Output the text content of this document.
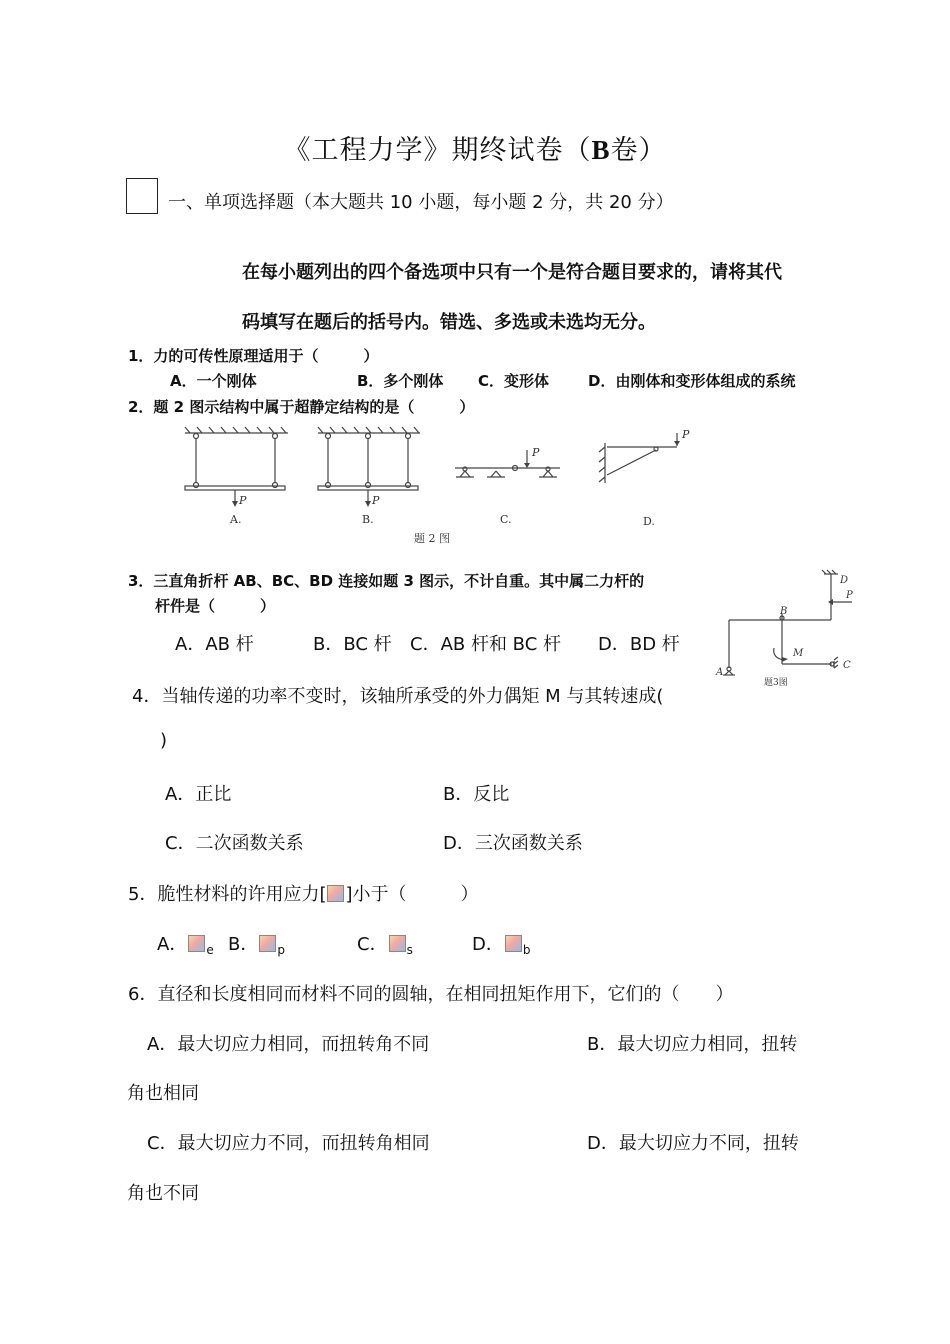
《工程力学》期终试卷（B卷）
一、单项选择题（本大题共 10 小题，每小题 2 分，共 20 分）
在每小题列出的四个备选项中只有一个是符合题目要求的，请将其代
码填写在题后的括号内。错选、多选或未选均无分。
1．力的可传性原理适用于（　　　）
A．一个刚体	B．多个刚体 C．变形体	D．由刚体和变形体组成的系统
2．题 2 图示结构中属于超静定结构的是（　　　）
P	P
P
P
A.	B.	C.	D.
题 2 图
3．三直角折杆 AB、BC、BD 连接如题 3 图示，不计自重。其中属二力杆的
杆件是（　　　）
A．AB 杆	B．BC 杆 C．AB 杆和 BC 杆 D．BD 杆
A
B
C
D
P
M
题3图
4．当轴传递的功率不变时，该轴所承受的外力偶矩 M 与其转速成(
)
A．正比	B．反比
C．二次函数关系	D．三次函数关系
5．脆性材料的许用应力[ ]小于（　　　）
A． $_e$ B． $_p$	C． $_s$	D． $_b$
6．直径和长度相同而材料不同的圆轴，在相同扭矩作用下，它们的（　　）
A．最大切应力相同，而扭转角不同	B．最大切应力相同，扭转
角也相同
C．最大切应力不同，而扭转角相同	D．最大切应力不同，扭转
角也不同
